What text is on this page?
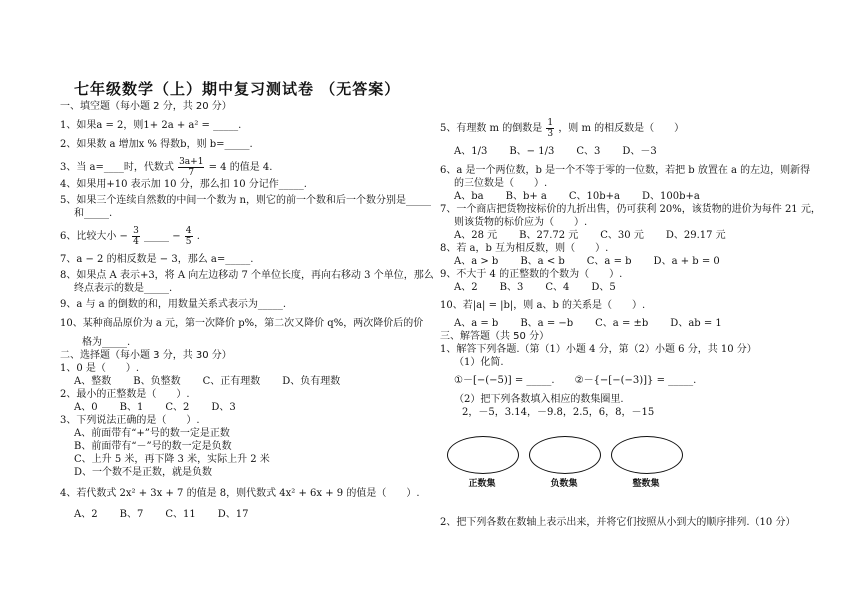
七年级数学（上）期中复习测试卷 （无答案）
一、填空题（每小题 2 分，共 20 分）
1、如果a = 2，则1+ 2a + a² = _____.
2、如果数 a 增加x % 得数b，则 b=_____.
3、当 a=____时，代数式 $\frac{3a+1}{7} = 4$ 的值是 4.
4、如果用+10 表示加 10 分，那么扣 10 分记作_____.
5、如果三个连续自然数的中间一个数为 n，则它的前一个数和后一个数分别是_____
和_____.
6、比较大小 − $\frac{3}{4}$ _____ − $\frac{4}{5}$ .
7、a − 2 的相反数是 − 3，那么 a=_____.
8、如果点 A 表示+3，将 A 向左边移动 7 个单位长度，再向右移动 3 个单位，那么
终点表示的数是_____.
9、a 与 a 的倒数的和，用数量关系式表示为_____.
10、某种商品原价为 a 元，第一次降价 p%，第二次又降价 q%，两次降价后的价
格为_____.
二、选择题（每小题 3 分，共 30 分）
1、0 是（　　）.
A、整数 B、负整数 C、正有理数 D、负有理数
2、最小的正整数是（　　）.
A、0 B、1 C、2 D、3
3、下列说法正确的是（　　）.
A、前面带有“+”号的数一定是正数
B、前面带有“－”号的数一定是负数
C、上升 5 米，再下降 3 米，实际上升 2 米
D、一个数不是正数，就是负数
4、若代数式 2x² + 3x + 7 的值是 8，则代数式 4x² + 6x + 9 的值是（　　）.
A、2 B、7 C、11 D、17
5、有理数 m 的倒数是 $\frac{1}{3}$ ，则 m 的相反数是（　　）
A、1/3 B、− 1/3 C、3 D、－3
6、a 是一个两位数，b 是一个不等于零的一位数，若把 b 放置在 a 的左边，则新得
的三位数是（　　）.
A、ba B、b+ a C、10b+a D、100b+a
7、一个商店把货物按标价的九折出售，仍可获利 20%，该货物的进价为每件 21 元，
则该货物的标价应为（　　）.
A、28 元 B、27.72 元 C、30 元 D、29.17 元
8、若 a，b 互为相反数，则（　　）.
A、a > b B、a < b C、a = b D、a + b = 0
9、不大于 4 的正整数的个数为（　　）.
A、2 B、3 C、4 D、5
10、若|a| = |b|，则 a、b 的关系是（　　）.
A、a = b B、a = −b C、a = ±b D、ab = 1
三、解答题（共 50 分）
1、解答下列各题.（第（1）小题 4 分，第（2）小题 6 分，共 10 分）
（1）化简.
①－[−(−5)] = _____.　　②－{−[−(−3)]} = _____.
（2）把下列各数填入相应的数集圈里.
2，－5，3.14，－9.8，2.5，6，8，－15
正数集	负数集	整数集
2、把下列各数在数轴上表示出来，并将它们按照从小到大的顺序排列.（10 分）
